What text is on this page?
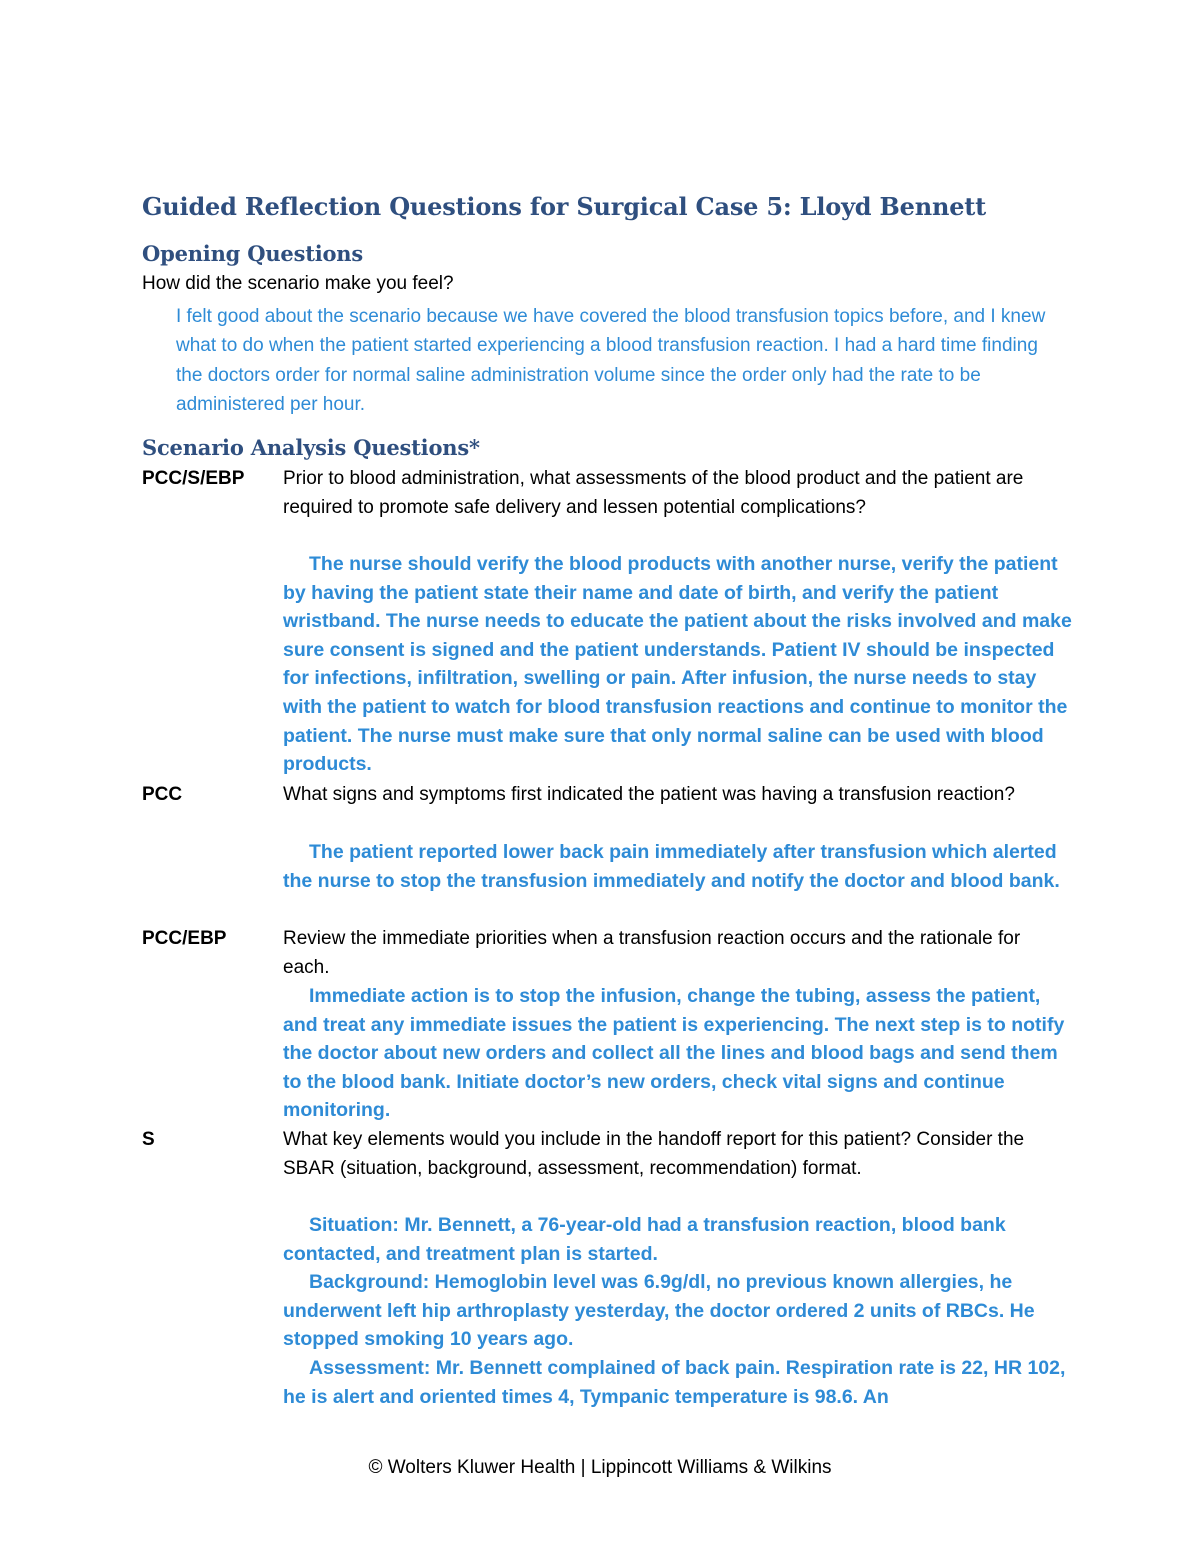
Guided Reflection Questions for Surgical Case 5: Lloyd Bennett
Opening Questions
How did the scenario make you feel?
I felt good about the scenario because we have covered the blood transfusion topics before, and I knew what to do when the patient started experiencing a blood transfusion reaction. I had a hard time finding the doctors order for normal saline administration volume since the order only had the rate to be administered per hour.
Scenario Analysis Questions*
PCC/S/EBP Prior to blood administration, what assessments of the blood product and the patient are required to promote safe delivery and lessen potential complications?

The nurse should verify the blood products with another nurse, verify the patient by having the patient state their name and date of birth, and verify the patient wristband. The nurse needs to educate the patient about the risks involved and make sure consent is signed and the patient understands. Patient IV should be inspected for infections, infiltration, swelling or pain. After infusion, the nurse needs to stay with the patient to watch for blood transfusion reactions and continue to monitor the patient. The nurse must make sure that only normal saline can be used with blood products.

PCC	What signs and symptoms first indicated the patient was having a transfusion reaction?

The patient reported lower back pain immediately after transfusion which alerted the nurse to stop the transfusion immediately and notify the doctor and blood bank.

PCC/EBP	Review the immediate priorities when a transfusion reaction occurs and the rationale for each.

Immediate action is to stop the infusion, change the tubing, assess the patient, and treat any immediate issues the patient is experiencing. The next step is to notify the doctor about new orders and collect all the lines and blood bags and send them to the blood bank. Initiate doctor’s new orders, check vital signs and continue monitoring.

S	What key elements would you include in the handoff report for this patient? Consider the SBAR (situation, background, assessment, recommendation) format.

Situation: Mr. Bennett, a 76-year-old had a transfusion reaction, blood bank contacted, and treatment plan is started.

Background: Hemoglobin level was 6.9g/dl, no previous known allergies, he underwent left hip arthroplasty yesterday, the doctor ordered 2 units of RBCs. He stopped smoking 10 years ago.

Assessment: Mr. Bennett complained of back pain. Respiration rate is 22, HR 102, he is alert and oriented times 4, Tympanic temperature is 98.6. An

© Wolters Kluwer Health | Lippincott Williams & Wilkins
